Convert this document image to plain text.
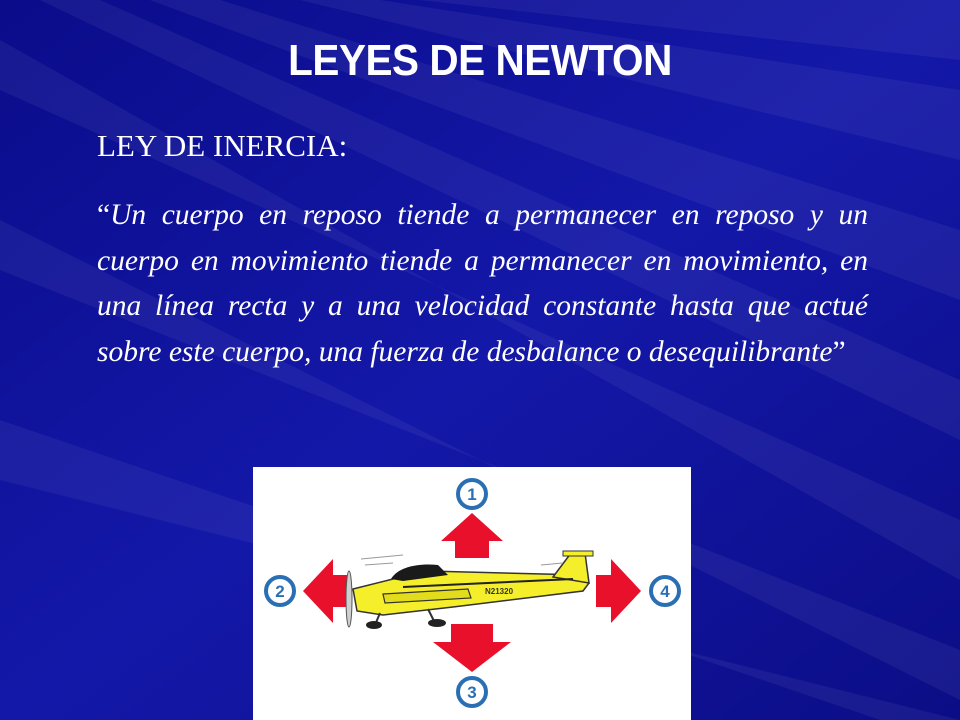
LEYES DE NEWTON
LEY DE INERCIA:
“Un cuerpo en reposo tiende a permanecer en reposo y un cuerpo en movimiento tiende a permanecer en movimiento, en una línea recta y a una velocidad constante hasta que actué sobre este cuerpo, una fuerza de desbalance o desequilibrante”
N21320
1
2
3
4
